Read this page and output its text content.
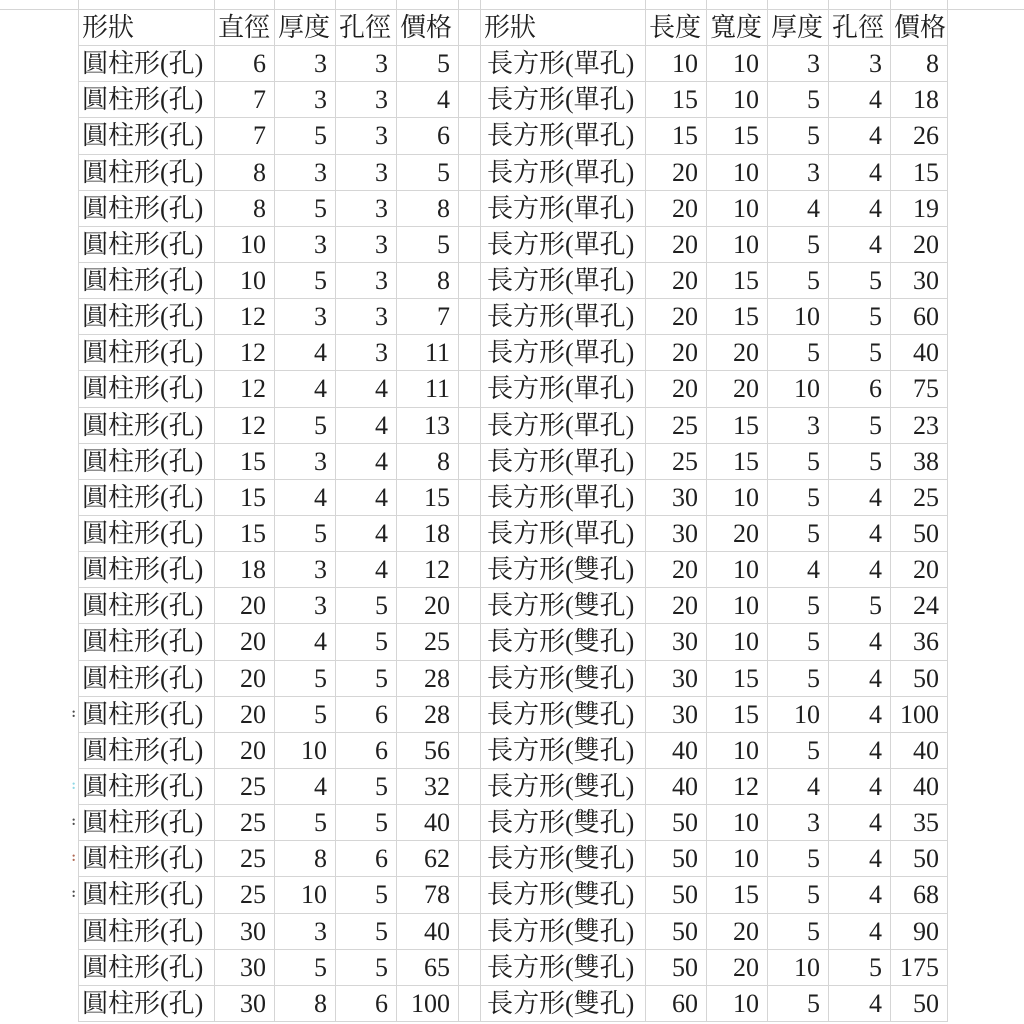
形狀	直徑 厚度 孔徑 價格 形狀	長度 寬度 厚度 孔徑 價格
圓柱形(孔)	6	3	3	5	長方形(單孔)	10	10	3	3	8
圓柱形(孔)	7	3	3	4	長方形(單孔)	15	10	5	4	18
圓柱形(孔)	7	5	3	6	長方形(單孔)	15	15	5	4	26
圓柱形(孔)	8	3	3	5	長方形(單孔)	20	10	3	4	15
圓柱形(孔)	8	5	3	8	長方形(單孔)	20	10	4	4	19
圓柱形(孔)	10	3	3	5	長方形(單孔)	20	10	5	4	20
圓柱形(孔)	10	5	3	8	長方形(單孔)	20	15	5	5	30
圓柱形(孔)	12	3	3	7	長方形(單孔)	20	15	10	5	60
圓柱形(孔)	12	4	3	11	長方形(單孔)	20	20	5	5	40
圓柱形(孔)	12	4	4	11	長方形(單孔)	20	20	10	6	75
圓柱形(孔)	12	5	4	13	長方形(單孔)	25	15	3	5	23
圓柱形(孔)	15	3	4	8	長方形(單孔)	25	15	5	5	38
圓柱形(孔)	15	4	4	15	長方形(單孔)	30	10	5	4	25
圓柱形(孔)	15	5	4	18	長方形(單孔)	30	20	5	4	50
圓柱形(孔)	18	3	4	12	長方形(雙孔)	20	10	4	4	20
圓柱形(孔)	20	3	5	20	長方形(雙孔)	20	10	5	5	24
圓柱形(孔)	20	4	5	25	長方形(雙孔)	30	10	5	4	36
圓柱形(孔)	20	5	5	28	長方形(雙孔)	30	15	5	4	50
: 圓柱形(孔)	20	5	6	28	長方形(雙孔)	30	15	10	4 100
圓柱形(孔)	20	10	6	56	長方形(雙孔)	40	10	5	4	40
: 圓柱形(孔)	25	4	5	32	長方形(雙孔)	40	12	4	4	40
: 圓柱形(孔)	25	5	5	40	長方形(雙孔)	50	10	3	4	35
: 圓柱形(孔)	25	8	6	62	長方形(雙孔)	50	10	5	4	50
: 圓柱形(孔)	25	10	5	78	長方形(雙孔)	50	15	5	4	68
圓柱形(孔)	30	3	5	40	長方形(雙孔)	50	20	5	4	90
圓柱形(孔)	30	5	5	65	長方形(雙孔)	50	20	10	5 175
圓柱形(孔)	30	8	6 100	長方形(雙孔)	60	10	5	4	50
